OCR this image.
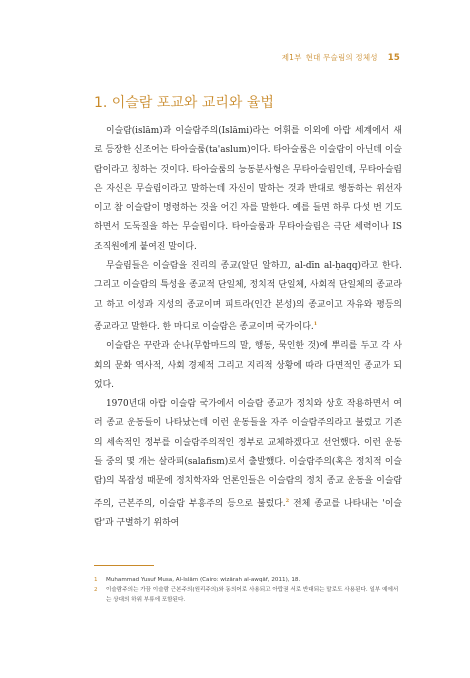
제1부 현대 무슬림의 정체성 15
1. 이슬람 포교와 교리와 율법

이슬람(islām)과 이슬람주의(Islāmi)라는 어휘를 이외에 아랍 세계에서 새로 등장한 신조어는 타아슬룸(ta'aslum)이다. 타아슬룸은 이슬람이 아닌데 이슬람이라고 칭하는 것이다. 타아슬룸의 능동분사형은 무타아슬림인데, 무타아슬림은 자신은 무슬림이라고 말하는데 자신이 말하는 것과 반대로 행동하는 위선자이고 참 이슬람이 명령하는 것을 어긴 자를 말한다. 예를 들면 하루 다섯 번 기도하면서 도둑질을 하는 무슬림이다. 타아슬룸과 무타아슬림은 극단 세력이나 IS 조직원에게 붙여진 말이다.

무슬림들은 이슬람을 진리의 종교(알딘 알하끄, al-dīn al-ḥaqq)라고 한다. 그리고 이슬람의 특성을 종교적 단일체, 정치적 단일체, 사회적 단일체의 종교라고 하고 이성과 지성의 종교이며 피트라(인간 본성)의 종교이고 자유와 평등의 종교라고 말한다. 한 마디로 이슬람은 종교이며 국가이다.$^1$

이슬람은 꾸란과 순나(무함마드의 말, 행동, 묵인한 것)에 뿌리를 두고 각 사회의 문화 역사적, 사회 경제적 그리고 지리적 상황에 따라 다면적인 종교가 되었다.

1970년대 아랍 이슬람 국가에서 이슬람 종교가 정치와 상호 작용하면서 여러 종교 운동들이 나타났는데 이런 운동들을 자주 이슬람주의라고 불렀고 기존의 세속적인 정부를 이슬람주의적인 정부로 교체하겠다고 선언했다. 이런 운동들 중의 몇 개는 살라피(salafism)로서 출발했다. 이슬람주의(혹은 정치적 이슬람)의 복잡성 때문에 정치학자와 언론인들은 이슬람의 정치 종교 운동을 이슬람주의, 근본주의, 이슬람 부흥주의 등으로 불렀다.$^2$ 전체 종교를 나타내는 '이슬람'과 구별하기 위하여

1	Muhammad Yusuf Musa, Al-Islām (Cairo: wizārah al-awqāf, 2011), 18.
2	이슬람주의는 가끔 이슬람 근본주의(원리주의)와 동의어로 사용되고 아랍권 서로 반대되는 말로도 사용된다. 일부 예에서는 상대의 하위 부류에 포함된다.
